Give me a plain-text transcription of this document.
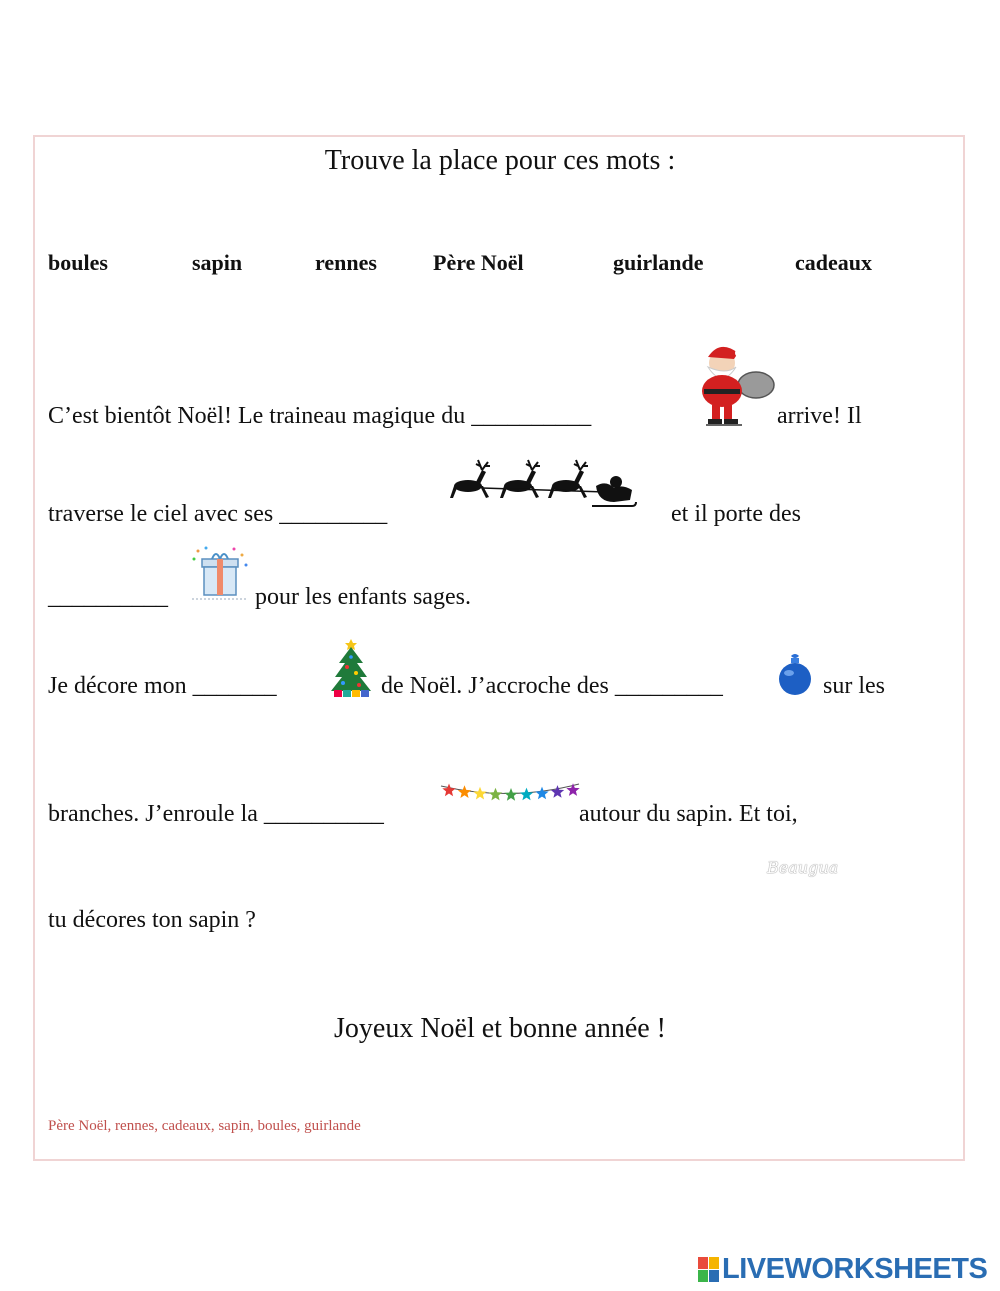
Trouve la place pour ces mots :
boules	sapin	rennes	Père Noël	guirlande	cadeaux
C’est bientôt Noël! Le traineau magique du __________	arrive! Il
traverse le ciel avec ses _________	et il porte des
__________	pour les enfants sages.
Je décore mon _______	de Noël. J’accroche des _________	sur les
branches. J’enroule la __________	autour du sapin. Et toi,
Beaugua
tu décores ton sapin ?
Joyeux Noël et bonne année !
Père Noël, rennes, cadeaux, sapin, boules, guirlande
LIVEWORKSHEETS
